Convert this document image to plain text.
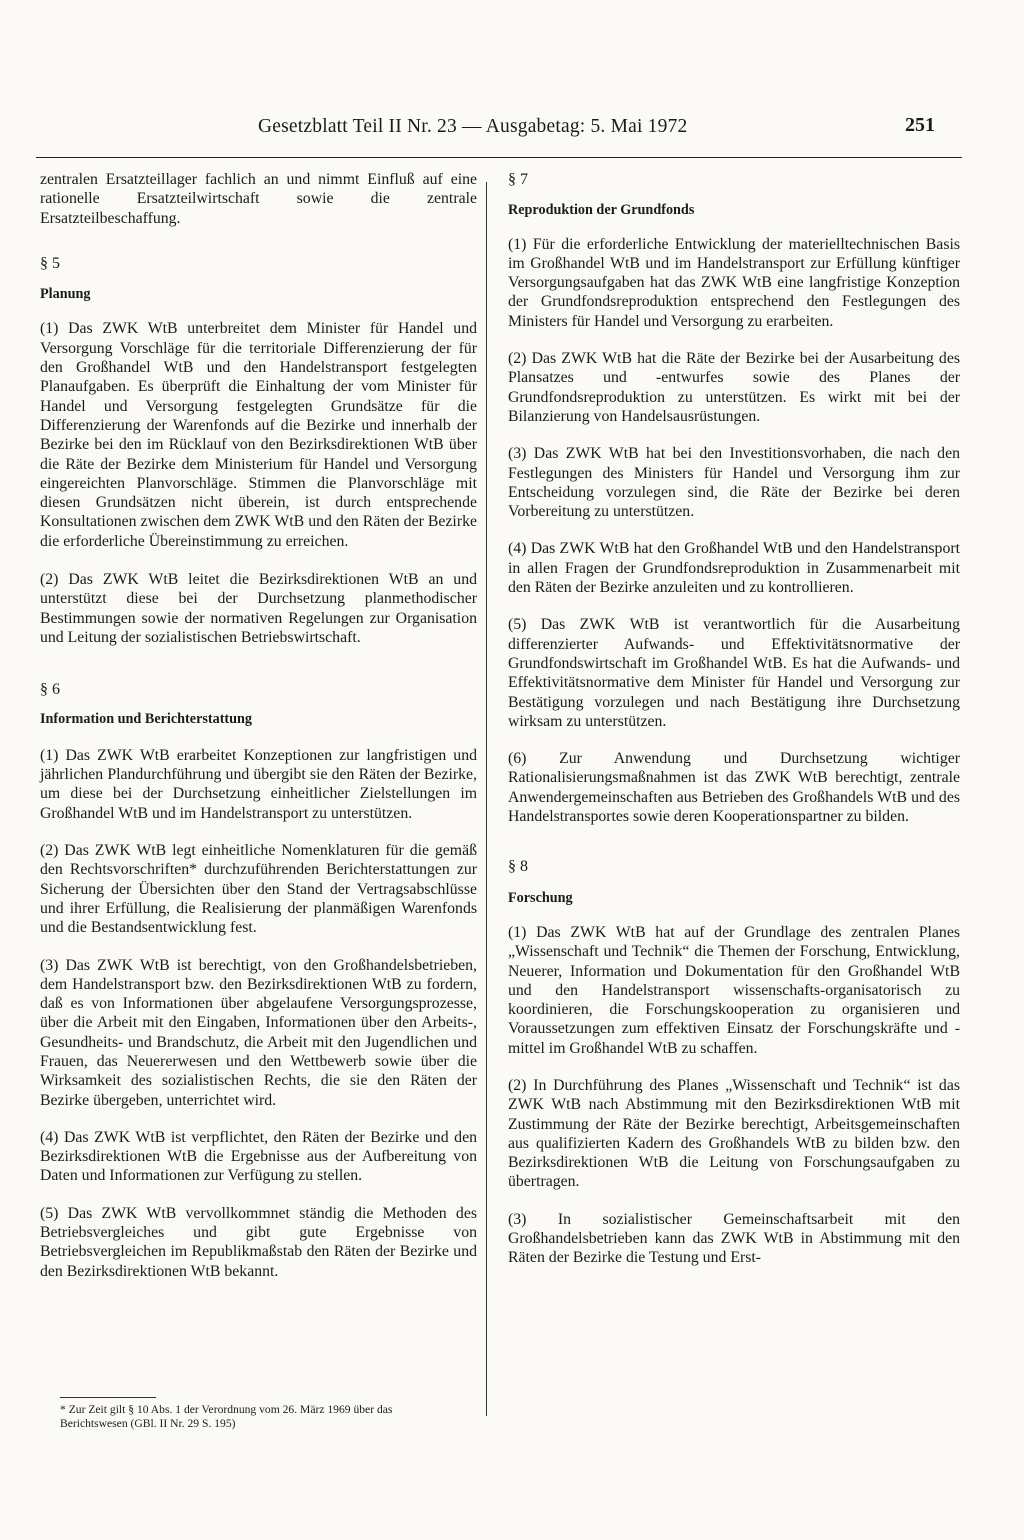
Gesetzblatt Teil II Nr. 23 — Ausgabetag: 5. Mai 1972	251

zentralen Ersatzteillager fachlich an und nimmt Einfluß auf eine rationelle Ersatzteilwirtschaft sowie die zentrale Ersatzteilbeschaffung.

§ 5

Planung

(1) Das ZWK WtB unterbreitet dem Minister für Handel und Versorgung Vorschläge für die territoriale Differenzierung der für den Großhandel WtB und den Handelstransport festgelegten Planaufgaben. Es überprüft die Einhaltung der vom Minister für Handel und Versorgung festgelegten Grundsätze für die Differenzierung der Warenfonds auf die Bezirke und innerhalb der Bezirke bei den im Rücklauf von den Bezirksdirektionen WtB über die Räte der Bezirke dem Ministerium für Handel und Versorgung eingereichten Planvorschläge. Stimmen die Planvorschläge mit diesen Grundsätzen nicht überein, ist durch entsprechende Konsultationen zwischen dem ZWK WtB und den Räten der Bezirke die erforderliche Übereinstimmung zu erreichen.

(2) Das ZWK WtB leitet die Bezirksdirektionen WtB an und unterstützt diese bei der Durchsetzung planmethodischer Bestimmungen sowie der normativen Regelungen zur Organisation und Leitung der sozialistischen Betriebswirtschaft.

§ 6

Information und Berichterstattung

(1) Das ZWK WtB erarbeitet Konzeptionen zur langfristigen und jährlichen Plandurchführung und übergibt sie den Räten der Bezirke, um diese bei der Durchsetzung einheitlicher Zielstellungen im Großhandel WtB und im Handelstransport zu unterstützen.

(2) Das ZWK WtB legt einheitliche Nomenklaturen für die gemäß den Rechtsvorschriften* durchzuführenden Berichterstattungen zur Sicherung der Übersichten über den Stand der Vertragsabschlüsse und ihrer Erfüllung, die Realisierung der planmäßigen Warenfonds und die Bestandsentwicklung fest.

(3) Das ZWK WtB ist berechtigt, von den Großhandelsbetrieben, dem Handelstransport bzw. den Bezirksdirektionen WtB zu fordern, daß es von Informationen über abgelaufene Versorgungsprozesse, über die Arbeit mit den Eingaben, Informationen über den Arbeits-, Gesundheits- und Brandschutz, die Arbeit mit den Jugendlichen und Frauen, das Neuererwesen und den Wettbewerb sowie über die Wirksamkeit des sozialistischen Rechts, die sie den Räten der Bezirke übergeben, unterrichtet wird.

(4) Das ZWK WtB ist verpflichtet, den Räten der Bezirke und den Bezirksdirektionen WtB die Ergebnisse aus der Aufbereitung von Daten und Informationen zur Verfügung zu stellen.

(5) Das ZWK WtB vervollkommnet ständig die Methoden des Betriebsvergleiches und gibt gute Ergebnisse von Betriebsvergleichen im Republikmaßstab den Räten der Bezirke und den Bezirksdirektionen WtB bekannt.

* Zur Zeit gilt § 10 Abs. 1 der Verordnung vom 26. März 1969 über das Berichtswesen (GBl. II Nr. 29 S. 195)

§ 7

Reproduktion der Grundfonds

(1) Für die erforderliche Entwicklung der materielltechnischen Basis im Großhandel WtB und im Handelstransport zur Erfüllung künftiger Versorgungsaufgaben hat das ZWK WtB eine langfristige Konzeption der Grundfondsreproduktion entsprechend den Festlegungen des Ministers für Handel und Versorgung zu erarbeiten.

(2) Das ZWK WtB hat die Räte der Bezirke bei der Ausarbeitung des Plansatzes und -entwurfes sowie des Planes der Grundfondsreproduktion zu unterstützen. Es wirkt mit bei der Bilanzierung von Handelsausrüstungen.

(3) Das ZWK WtB hat bei den Investitionsvorhaben, die nach den Festlegungen des Ministers für Handel und Versorgung ihm zur Entscheidung vorzulegen sind, die Räte der Bezirke bei deren Vorbereitung zu unterstützen.

(4) Das ZWK WtB hat den Großhandel WtB und den Handelstransport in allen Fragen der Grundfondsreproduktion in Zusammenarbeit mit den Räten der Bezirke anzuleiten und zu kontrollieren.

(5) Das ZWK WtB ist verantwortlich für die Ausarbeitung differenzierter Aufwands- und Effektivitätsnormative der Grundfondswirtschaft im Großhandel WtB. Es hat die Aufwands- und Effektivitätsnormative dem Minister für Handel und Versorgung zur Bestätigung vorzulegen und nach Bestätigung ihre Durchsetzung wirksam zu unterstützen.

(6) Zur Anwendung und Durchsetzung wichtiger Rationalisierungsmaßnahmen ist das ZWK WtB berechtigt, zentrale Anwendergemeinschaften aus Betrieben des Großhandels WtB und des Handelstransportes sowie deren Kooperationspartner zu bilden.

§ 8

Forschung

(1) Das ZWK WtB hat auf der Grundlage des zentralen Planes „Wissenschaft und Technik“ die Themen der Forschung, Entwicklung, Neuerer, Information und Dokumentation für den Großhandel WtB und den Handelstransport wissenschafts-organisatorisch zu koordinieren, die Forschungskooperation zu organisieren und Voraussetzungen zum effektiven Einsatz der Forschungskräfte und -mittel im Großhandel WtB zu schaffen.

(2) In Durchführung des Planes „Wissenschaft und Technik“ ist das ZWK WtB nach Abstimmung mit den Bezirksdirektionen WtB mit Zustimmung der Räte der Bezirke berechtigt, Arbeitsgemeinschaften aus qualifizierten Kadern des Großhandels WtB zu bilden bzw. den Bezirksdirektionen WtB die Leitung von Forschungsaufgaben zu übertragen.

(3) In sozialistischer Gemeinschaftsarbeit mit den Großhandelsbetrieben kann das ZWK WtB in Abstimmung mit den Räten der Bezirke die Testung und Erst-
